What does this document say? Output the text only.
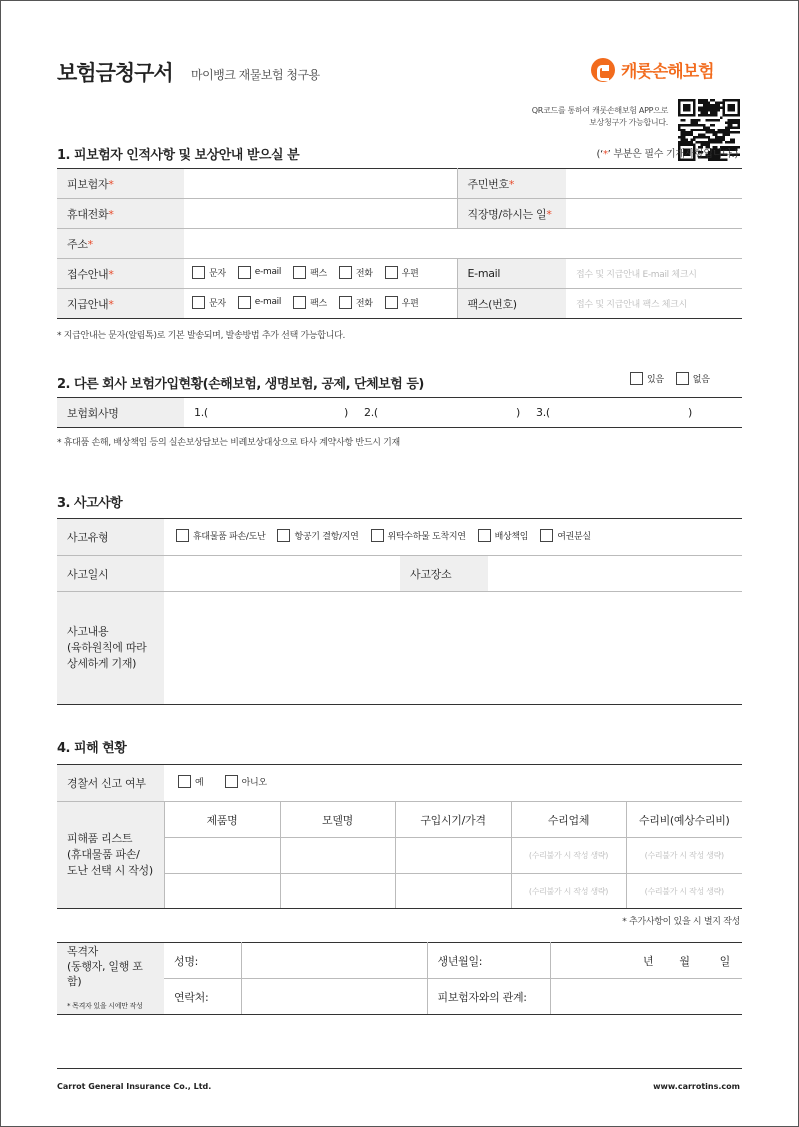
보험금청구서 마이뱅크 재물보험 청구용	캐롯손해보험
QR코드를 통하여 캐롯손해보험 APP으로
보상청구가 가능합니다.
1. 피보험자 인적사항 및 보상안내 받으실 분	(‘*’ 부분은 필수 기재사항입니다.)
피보험자*		주민번호*	
휴대전화*		직장명/하시는 일*	
주소*			
접수안내*	문자 e-mail 팩스 전화 우편	E-mail	접수 및 지급안내 E-mail 체크시
지급안내*	문자 e-mail 팩스 전화 우편	팩스(번호)	접수 및 지급안내 팩스 체크시
* 지급안내는 문자(알림톡)로 기본 발송되며, 발송방법 추가 선택 가능합니다.
2. 다른 회사 보험가입현황(손해보험, 생명보험, 공제, 단체보험 등)	있음	없음
보험회사명	1.(	) 2.(	) 3.(	)
* 휴대품 손해, 배상책임 등의 실손보상담보는 비례보상대상으로 타사 계약사항 반드시 기재
3. 사고사항
사고유형	휴대물품 파손/도난 항공기 결항/지연 위탁수하물 도착지연 배상책임 여권분실		

사고일시		사고장소	

사고내용
(육하원칙에 따라
상세하게 기재)			

4. 피해 현황
경찰서 신고 여부	예
아니오				

피해품 리스트
(휴대물품 파손/
도난 선택 시 작성)	제품명	모델명	구입시기/가격	수리업체	수리비(예상수리비)
				(수리불가 시 작성 생략)	(수리불가 시 작성 생략)
				(수리불가 시 작성 생략)	(수리불가 시 작성 생략)
* 추가사항이 있을 시 별지 작성
목격자
(동행자, 일행 포함)
* 목격자 있을 시에만 작성	성명:		생년월일:	년 월 일
	연락처:		피보험자와의 관계:	
Carrot General Insurance Co., Ltd.	www.carrotins.com
